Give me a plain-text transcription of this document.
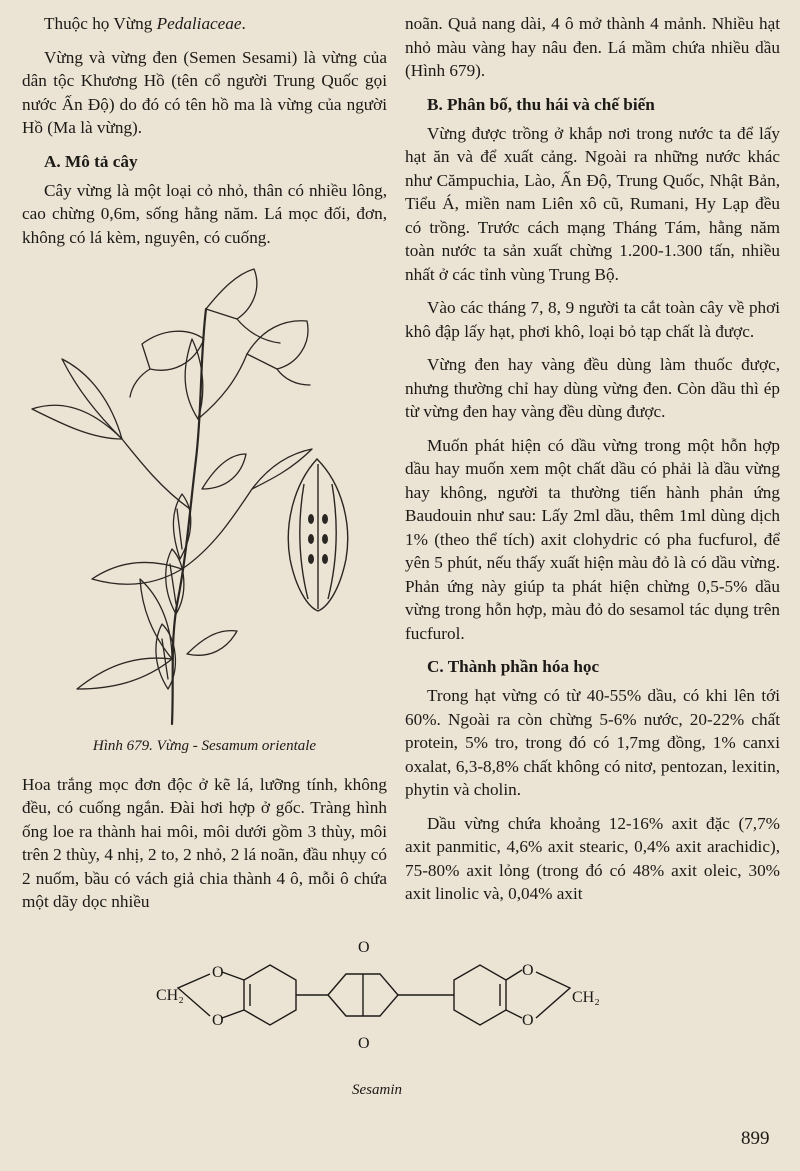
Thuộc họ Vừng Pedaliaceae.

Vừng và vừng đen (Semen Sesami) là vừng của dân tộc Khương Hồ (tên cổ người Trung Quốc gọi nước Ấn Độ) do đó có tên hồ ma là vừng của người Hồ (Ma là vừng).

A. Mô tả cây

Cây vừng là một loại cỏ nhỏ, thân có nhiều lông, cao chừng 0,6m, sống hằng năm. Lá mọc đối, đơn, không có lá kèm, nguyên, có cuống.

Hình 679. Vừng - Sesamum orientale

Hoa trắng mọc đơn độc ở kẽ lá, lưỡng tính, không đều, có cuống ngắn. Đài hơi hợp ở gốc. Tràng hình ống loe ra thành hai môi, môi dưới gồm 3 thùy, môi trên 2 thùy, 4 nhị, 2 to, 2 nhỏ, 2 lá noãn, đầu nhụy có 2 nuốm, bầu có vách giả chia thành 4 ô, mỗi ô chứa một dãy dọc nhiều

noãn. Quả nang dài, 4 ô mở thành 4 mảnh. Nhiều hạt nhỏ màu vàng hay nâu đen. Lá mầm chứa nhiều dầu (Hình 679).

B. Phân bố, thu hái và chế biến

Vừng được trồng ở khắp nơi trong nước ta để lấy hạt ăn và để xuất cảng. Ngoài ra những nước khác như Cămpuchia, Lào, Ấn Độ, Trung Quốc, Nhật Bản, Tiểu Á, miền nam Liên xô cũ, Rumani, Hy Lạp đều có trồng. Trước cách mạng Tháng Tám, hằng năm toàn nước ta sản xuất chừng 1.200-1.300 tấn, nhiều nhất ở các tỉnh vùng Trung Bộ.

Vào các tháng 7, 8, 9 người ta cắt toàn cây về phơi khô đập lấy hạt, phơi khô, loại bỏ tạp chất là được.

Vừng đen hay vàng đều dùng làm thuốc được, nhưng thường chỉ hay dùng vừng đen. Còn dầu thì ép từ vừng đen hay vàng đều dùng được.

Muốn phát hiện có dầu vừng trong một hỗn hợp dầu hay muốn xem một chất dầu có phải là dầu vừng hay không, người ta thường tiến hành phản ứng Baudouin như sau: Lấy 2ml dầu, thêm 1ml dùng dịch 1% (theo thể tích) axit clohydric có pha fucfurol, để yên 5 phút, nếu thấy xuất hiện màu đỏ là có dầu vừng. Phản ứng này giúp ta phát hiện chừng 0,5-5% dầu vừng trong hỗn hợp, màu đỏ do sesamol tác dụng trên fucfurol.

C. Thành phần hóa học

Trong hạt vừng có từ 40-55% dầu, có khi lên tới 60%. Ngoài ra còn chừng 5-6% nước, 20-22% chất protein, 5% tro, trong đó có 1,7mg đồng, 1% canxi oxalat, 6,3-8,8% chất không có nitơ, pentozan, lexitin, phytin và cholin.

Dầu vừng chứa khoảng 12-16% axit đặc (7,7% axit panmitic, 4,6% axit stearic, 0,4% axit arachidic), 75-80% axit lỏng (trong đó có 48% axit oleic, 30% axit linolic và, 0,04% axit

O
O
CH₂
O
O
O
O
CH₂
Sesamin
899
